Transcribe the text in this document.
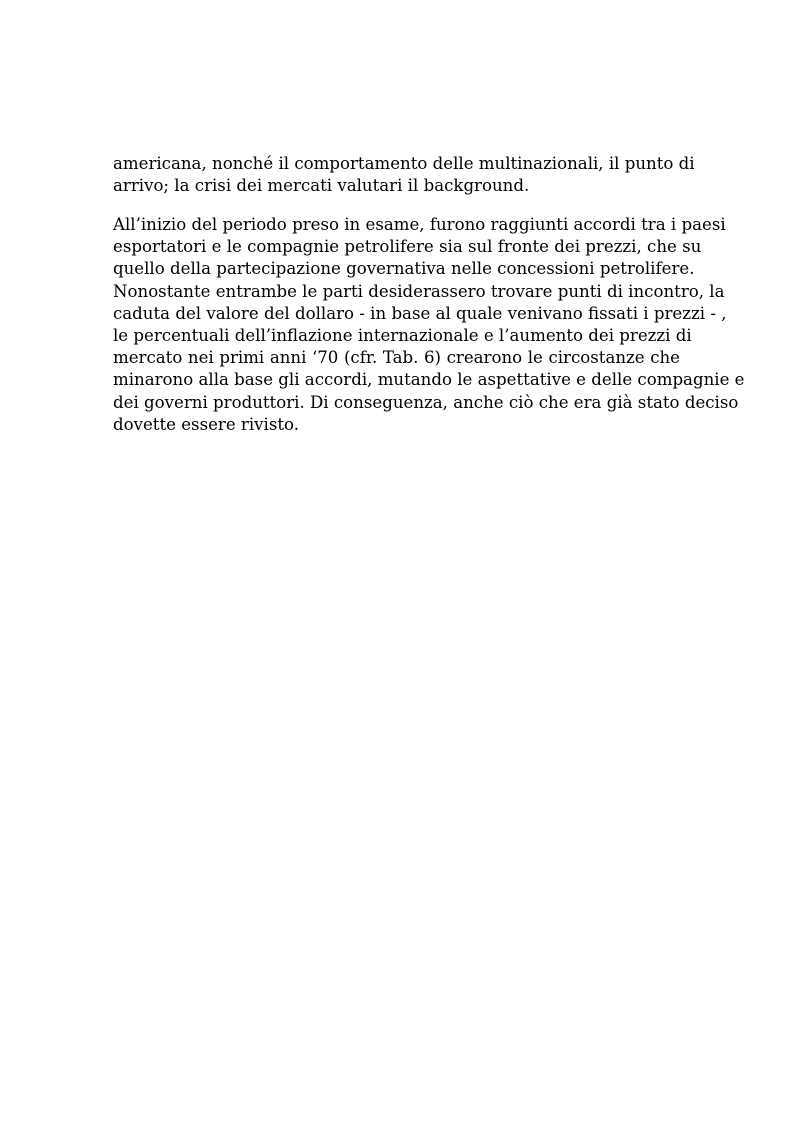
americana, nonché il comportamento delle multinazionali, il punto di
arrivo; la crisi dei mercati valutari il background.
All’inizio del periodo preso in esame, furono raggiunti accordi tra i paesi
esportatori e le compagnie petrolifere sia sul fronte dei prezzi, che su
quello della partecipazione governativa nelle concessioni petrolifere.
Nonostante entrambe le parti desiderassero trovare punti di incontro, la
caduta del valore del dollaro - in base al quale venivano fissati i prezzi - ,
le percentuali dell’inflazione internazionale e l’aumento dei prezzi di
mercato nei primi anni ‘70 (cfr. Tab. 6) crearono le circostanze che
minarono alla base gli accordi, mutando le aspettative e delle compagnie e
dei governi produttori. Di conseguenza, anche ciò che era già stato deciso
dovette essere rivisto.
